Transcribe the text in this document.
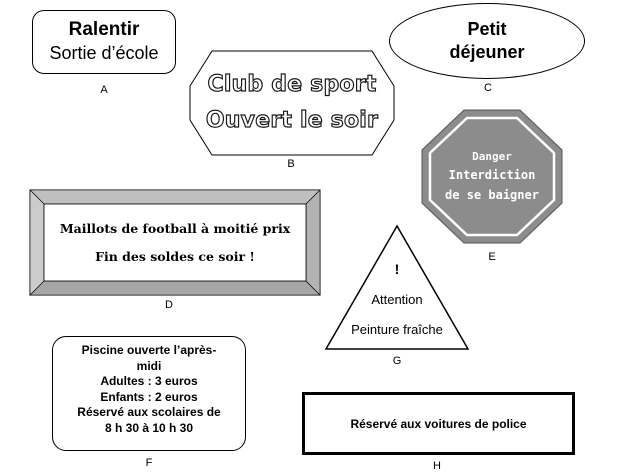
Ralentir
Sortie d’école
A	Club de sport
Ouvert le soir
B
Petit
déjeuner
C
Maillots de football à moitié prix
Fin des soldes ce soir !
D
Danger
Interdiction
de se baigner
E
!
Attention
Peinture fraîche
G
Piscine ouverte l’après-
midi
Adultes : 3 euros
Enfants : 2 euros
Réservé aux scolaires de
8 h 30 à 10 h 30
F
Réservé aux voitures de police
H
